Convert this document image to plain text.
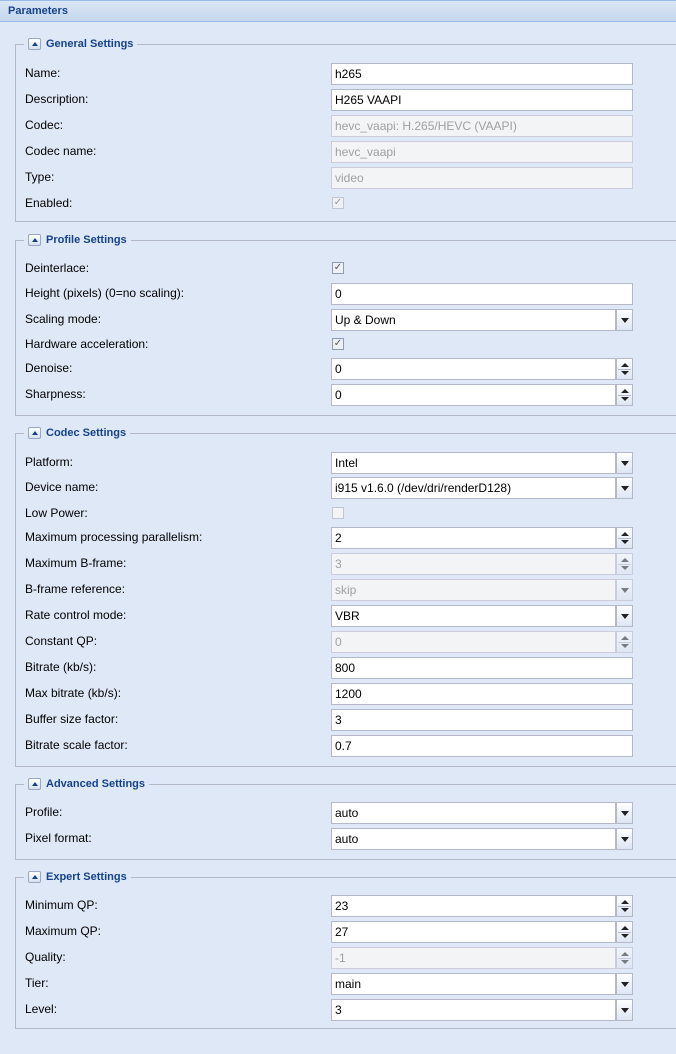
Parameters
General Settings
Name:	h265
Description:	H265 VAAPI
Codec:	hevc_vaapi: H.265/HEVC (VAAPI)
Codec name:	hevc_vaapi
Type:	video
Enabled:	✓
Profile Settings
Deinterlace:	✓
Height (pixels) (0=no scaling):	0
Scaling mode:	Up & Down
Hardware acceleration:	✓
Denoise:	0
Sharpness:	0
Codec Settings
Platform:	Intel
Device name:	i915 v1.6.0 (/dev/dri/renderD128)
Low Power:
Maximum processing parallelism:	2
Maximum B-frame:	3
B-frame reference:	skip
Rate control mode:	VBR
Constant QP:	0
Bitrate (kb/s):	800
Max bitrate (kb/s):	1200
Buffer size factor:	3
Bitrate scale factor:	0.7
Advanced Settings
Profile:	auto
Pixel format:	auto
Expert Settings
Minimum QP:	23
Maximum QP:	27
Quality:	-1
Tier:	main
Level:	3
